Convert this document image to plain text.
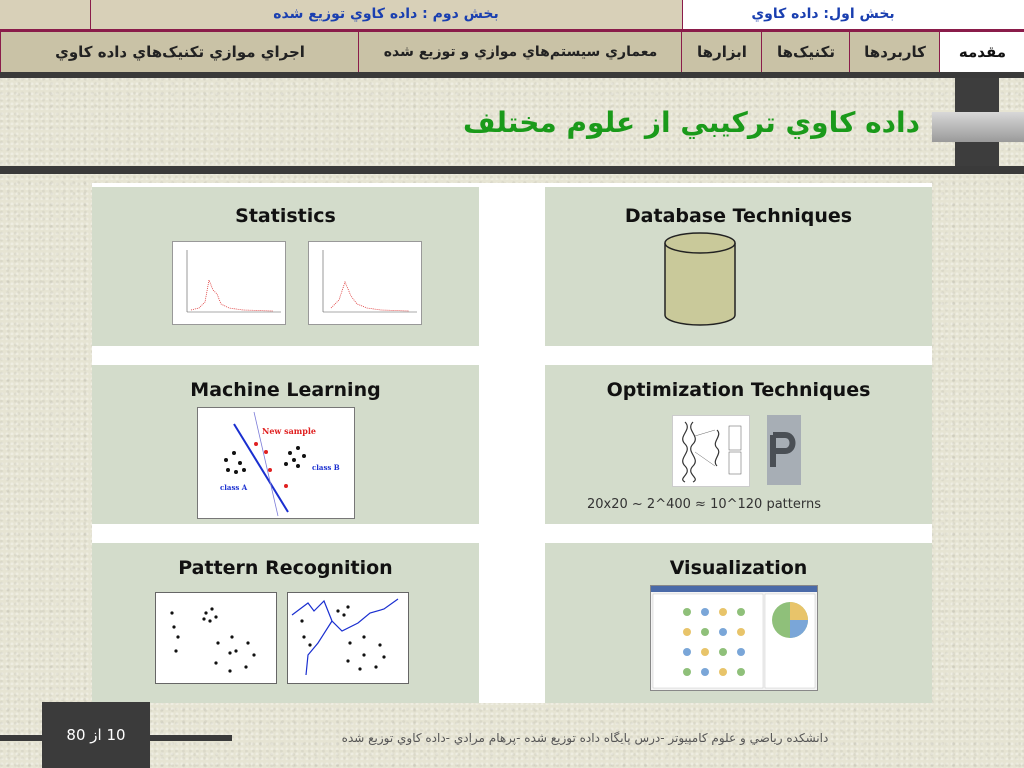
بخش دوم : داده كاوي توزيع شده	بخش اول: داده كاوي
اجراي موازي تكنيک‌هاي داده كاوي	معماري سيستم‌هاي موازي و توزيع شده	ابزارها	تكنيک‌ها	كاربردها	مقدمه
داده كاوي تركيبي از علوم مختلف
Statistics	Database Techniques
Machine Learning
New sample
class A
class B
Optimization Techniques
20x20 ~ 2^400 ≈ 10^120 patterns
Pattern Recognition	Visualization
10 از 80	دانشكده رياضي و علوم كامپيوتر -درس پايگاه داده توزيع شده -پرهام مرادي -داده كاوي توزيع شده
